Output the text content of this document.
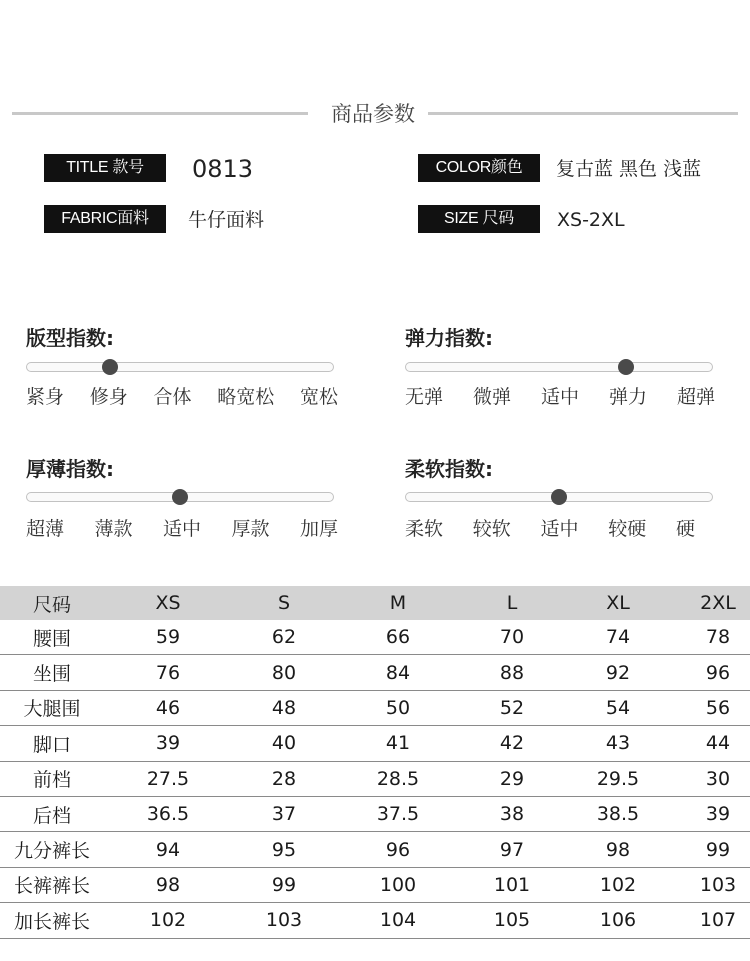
商品参数
TITLE 款号	0813
FABRIC面料	牛仔面料
COLOR颜色	复古蓝 黑色 浅蓝
SIZE 尺码	XS-2XL
版型指数:
紧身 修身 合体 略宽松 宽松
弹力指数:
无弹 微弹 适中 弹力 超弹
厚薄指数:
超薄 薄款 适中 厚款 加厚
柔软指数:
柔软 较软 适中 较硬 硬
尺码	XS	S	M	L	XL	2XL
腰围	59	62	66	70	74	78
坐围	76	80	84	88	92	96
大腿围	46	48	50	52	54	56
脚口	39	40	41	42	43	44
前档	27.5	28	28.5	29	29.5	30
后档	36.5	37	37.5	38	38.5	39
九分裤长	94	95	96	97	98	99
长裤裤长	98	99	100	101	102	103
加长裤长	102	103	104	105	106	107
